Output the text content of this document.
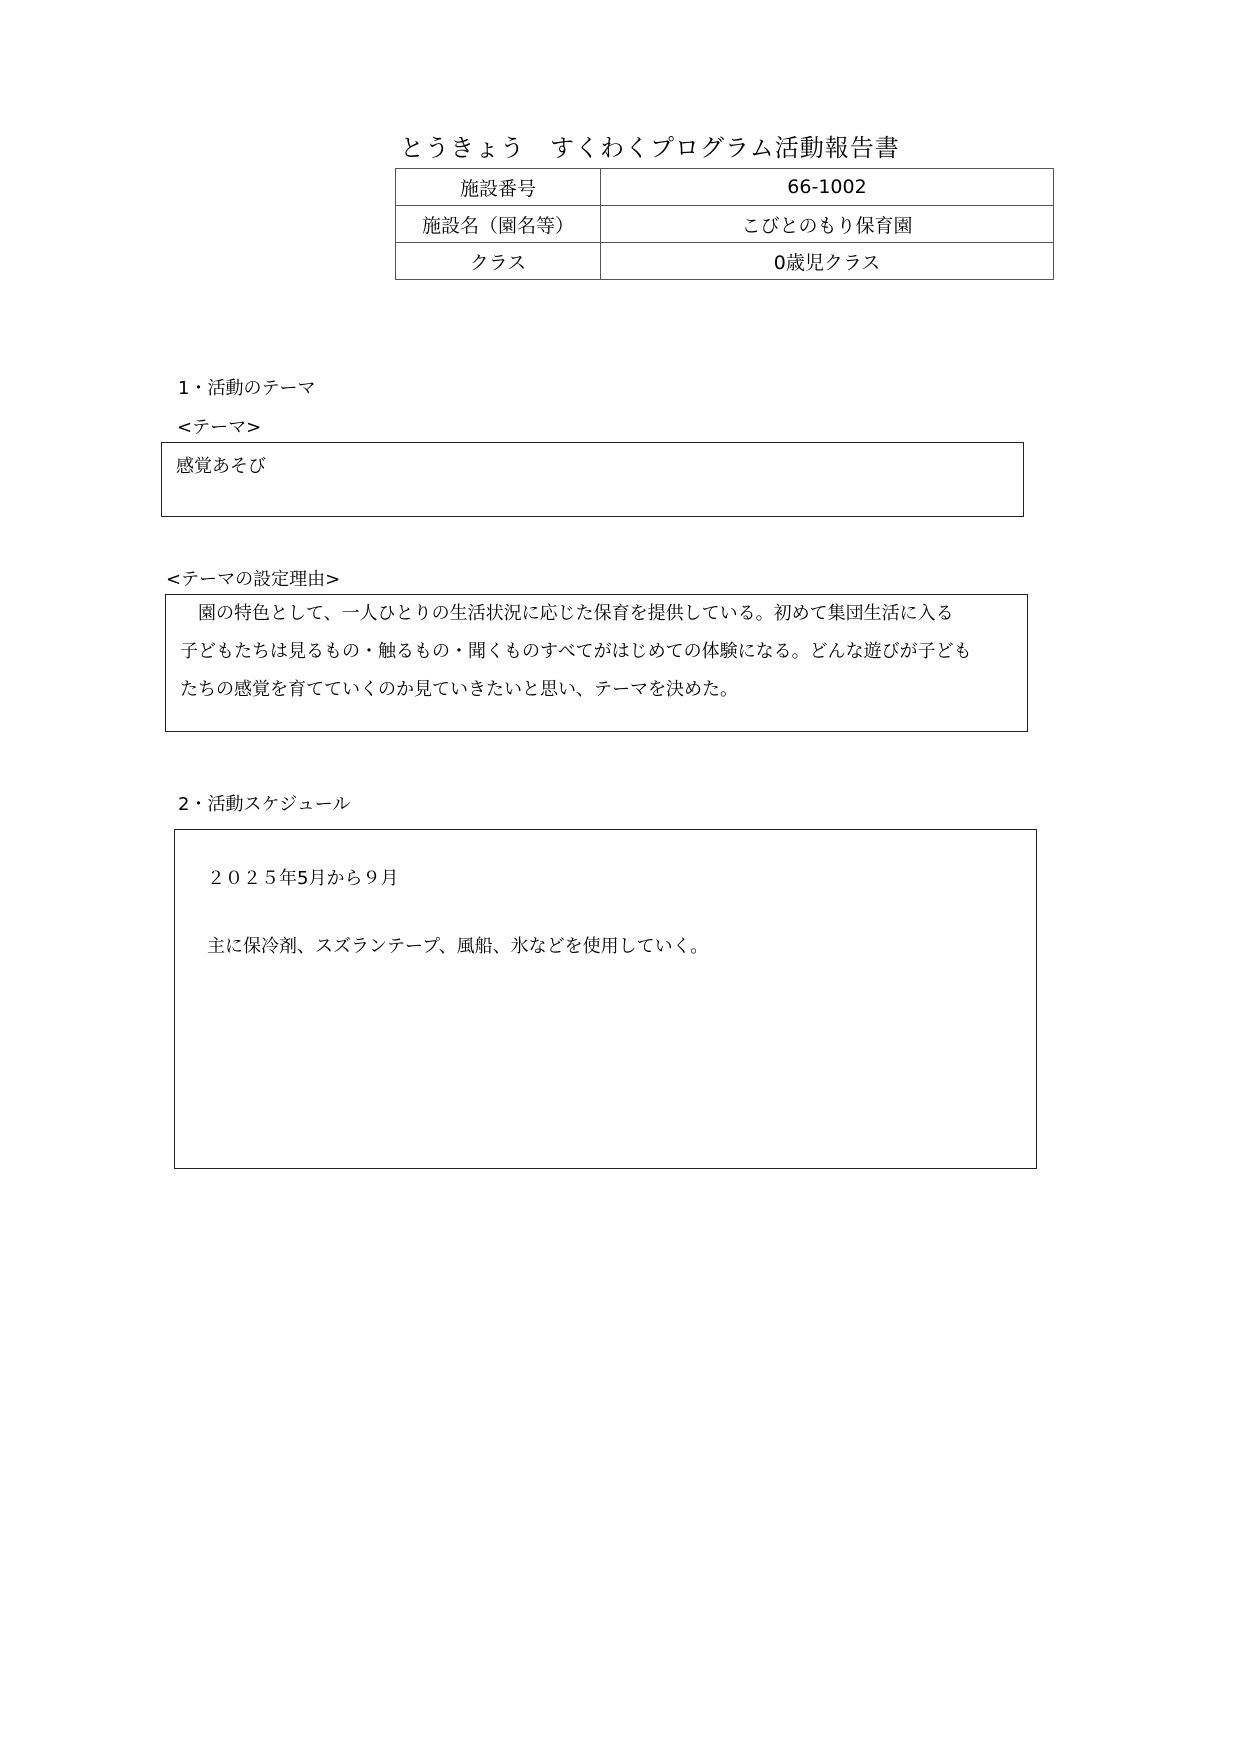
とうきょう　すくわくプログラム活動報告書
施設番号	66-1002
施設名（園名等）	こびとのもり保育園
クラス	0歳児クラス
1・活動のテーマ
<テーマ>
感覚あそび
<テーマの設定理由>

　園の特色として、一人ひとりの生活状況に応じた保育を提供している。初めて集団生活に入る

子どもたちは見るもの・触るもの・聞くものすべてがはじめての体験になる。どんな遊びが子ども

たちの感覚を育てていくのか見ていきたいと思い、テーマを決めた。

2・活動スケジュール
２０２５年5月から９月
主に保冷剤、スズランテープ、風船、氷などを使用していく。
